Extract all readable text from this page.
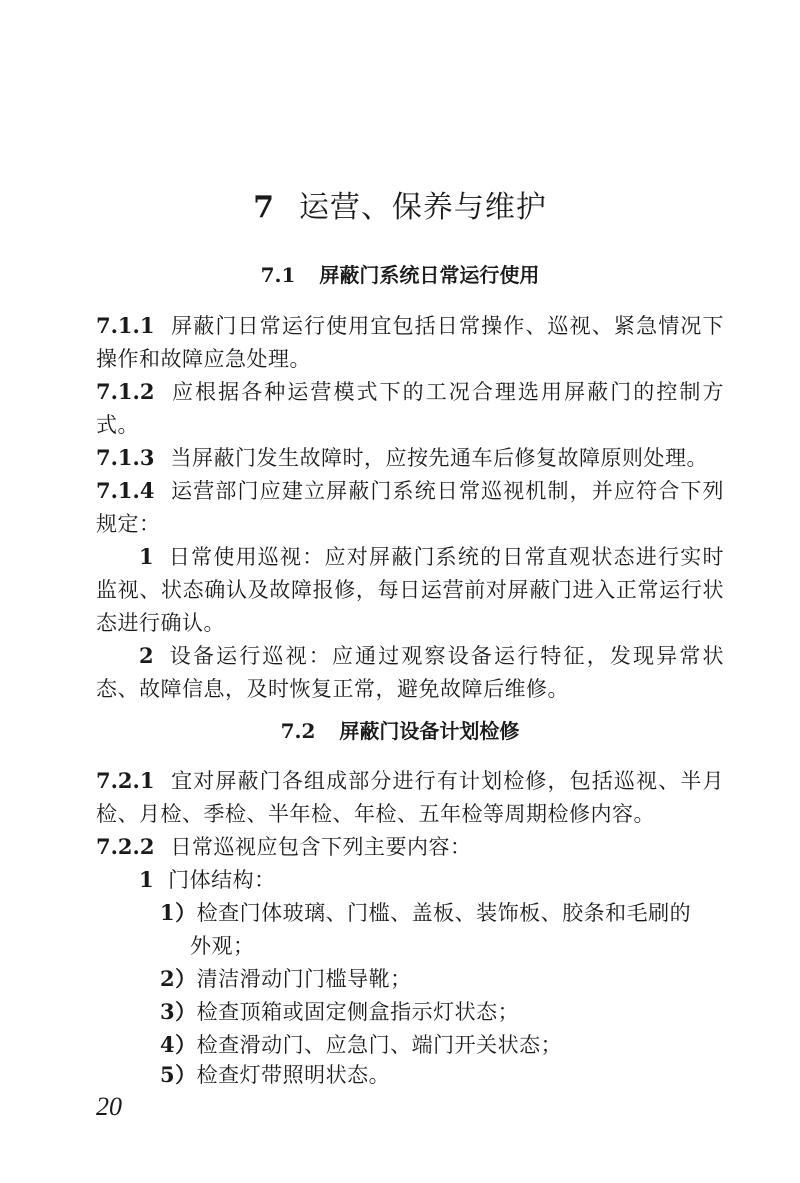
7 运营、保养与维护
7.1 屏蔽门系统日常运行使用
7.1.1 屏蔽门日常运行使用宜包括日常操作、巡视、紧急情况下操作和故障应急处理。
7.1.2 应根据各种运营模式下的工况合理选用屏蔽门的控制方式。
7.1.3 当屏蔽门发生故障时，应按先通车后修复故障原则处理。
7.1.4 运营部门应建立屏蔽门系统日常巡视机制，并应符合下列规定：
1 日常使用巡视：应对屏蔽门系统的日常直观状态进行实时监视、状态确认及故障报修，每日运营前对屏蔽门进入正常运行状态进行确认。
2 设备运行巡视：应通过观察设备运行特征，发现异常状态、故障信息，及时恢复正常，避免故障后维修。
7.2 屏蔽门设备计划检修
7.2.1 宜对屏蔽门各组成部分进行有计划检修，包括巡视、半月检、月检、季检、半年检、年检、五年检等周期检修内容。
7.2.2 日常巡视应包含下列主要内容：
1 门体结构：
1）检查门体玻璃、门槛、盖板、装饰板、胶条和毛刷的
外观；
2）清洁滑动门门槛导靴；
3）检查顶箱或固定侧盒指示灯状态；
4）检查滑动门、应急门、端门开关状态；
5）检查灯带照明状态。
20
